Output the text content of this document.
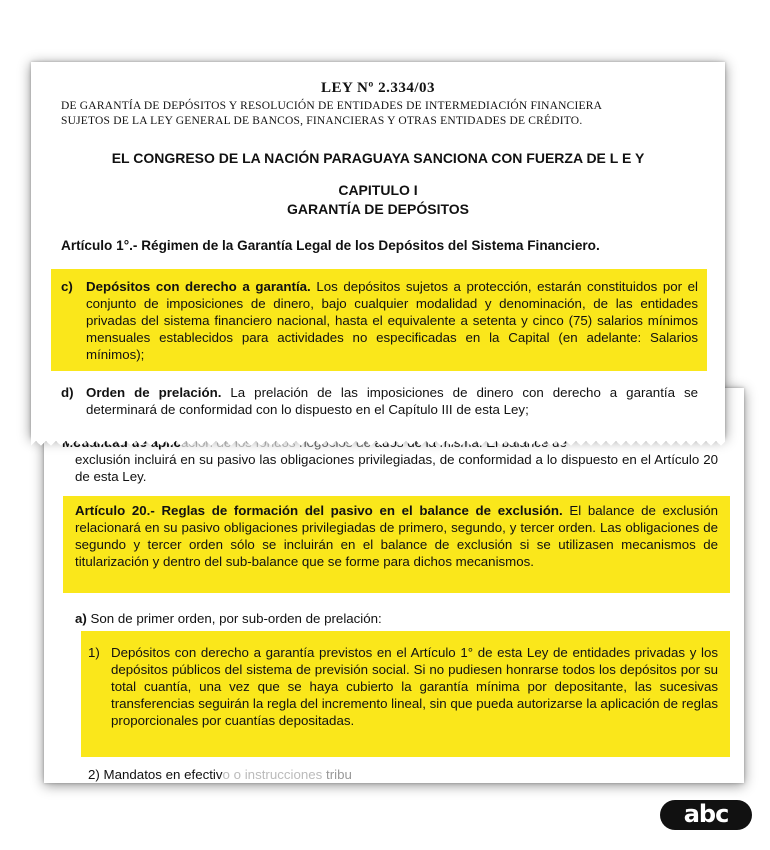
exclusión incluirá en su pasivo las obligaciones privilegiadas, de conformidad a lo dispuesto en el Artículo 20 de esta Ley.
Artículo 20.- Reglas de formación del pasivo en el balance de exclusión. El balance de exclusión relacionará en su pasivo obligaciones privilegiadas de primero, segundo, y tercer orden. Las obligaciones de segundo y tercer orden sólo se incluirán en el balance de exclusión si se utilizasen mecanismos de titularización y dentro del sub-balance que se forme para dichos mecanismos.
a) Son de primer orden, por sub-orden de prelación:
1) Depósitos con derecho a garantía previstos en el Artículo 1° de esta Ley de entidades privadas y los depósitos públicos del sistema de previsión social. Si no pudiesen honrarse todos los depósitos por su total cuantía, una vez que se haya cubierto la garantía mínima por depositante, las sucesivas transferencias seguirán la regla del incremento lineal, sin que pueda autorizarse la aplicación de reglas proporcionales por cuantías depositadas.
2) Mandatos en efectivo o instrucciones tribu
LEY Nº 2.334/03
DE GARANTÍA DE DEPÓSITOS Y RESOLUCIÓN DE ENTIDADES DE INTERMEDIACIÓN FINANCIERA
SUJETOS DE LA LEY GENERAL DE BANCOS, FINANCIERAS Y OTRAS ENTIDADES DE CRÉDITO.
EL CONGRESO DE LA NACIÓN PARAGUAYA SANCIONA CON FUERZA DE L E Y
CAPITULO I
GARANTÍA DE DEPÓSITOS
Artículo 1°.- Régimen de la Garantía Legal de los Depósitos del Sistema Financiero.
c) Depósitos con derecho a garantía. Los depósitos sujetos a protección, estarán constituidos por el conjunto de imposiciones de dinero, bajo cualquier modalidad y denominación, de las entidades privadas del sistema financiero nacional, hasta el equivalente a setenta y cinco (75) salarios mínimos mensuales establecidos para actividades no especificadas en la Capital (en adelante: Salarios mínimos);
d) Orden de prelación. La prelación de las imposiciones de dinero con derecho a garantía se determinará de conformidad con lo dispuesto en el Capítulo III de esta Ley;
abc
